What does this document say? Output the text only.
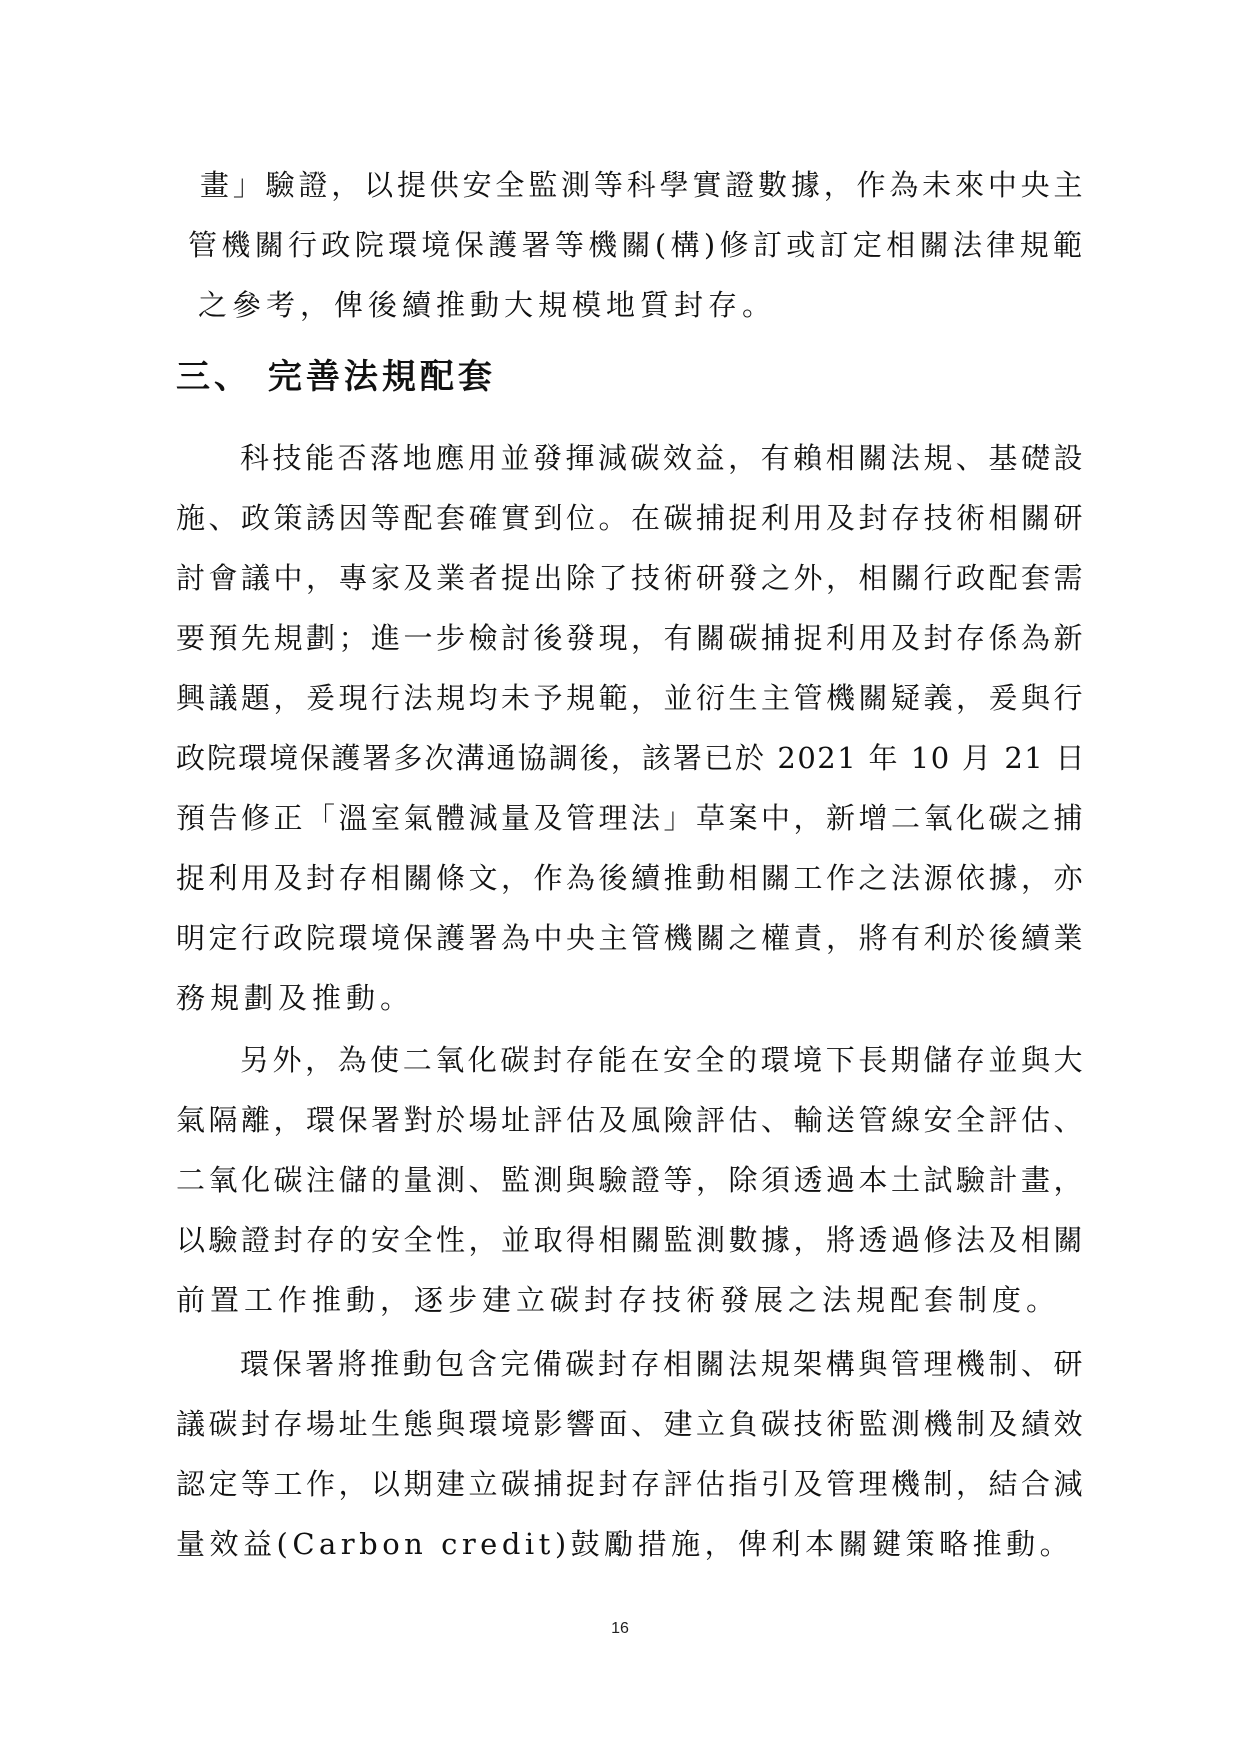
畫」驗證，以提供安全監測等科學實證數據，作為未來中央主
管機關行政院環境保護署等機關(構)修訂或訂定相關法律規範
之參考，俾後續推動大規模地質封存。
三、 完善法規配套
科技能否落地應用並發揮減碳效益，有賴相關法規、基礎設
施、政策誘因等配套確實到位。在碳捕捉利用及封存技術相關研
討會議中，專家及業者提出除了技術研發之外，相關行政配套需
要預先規劃；進一步檢討後發現，有關碳捕捉利用及封存係為新
興議題，爰現行法規均未予規範，並衍生主管機關疑義，爰與行
政院環境保護署多次溝通協調後，該署已於 2021 年 10 月 21 日
預告修正「溫室氣體減量及管理法」草案中，新增二氧化碳之捕
捉利用及封存相關條文，作為後續推動相關工作之法源依據，亦
明定行政院環境保護署為中央主管機關之權責，將有利於後續業
務規劃及推動。
另外，為使二氧化碳封存能在安全的環境下長期儲存並與大
氣隔離，環保署對於場址評估及風險評估、輸送管線安全評估、
二氧化碳注儲的量測、監測與驗證等，除須透過本土試驗計畫，
以驗證封存的安全性，並取得相關監測數據，將透過修法及相關
前置工作推動，逐步建立碳封存技術發展之法規配套制度。
環保署將推動包含完備碳封存相關法規架構與管理機制、研
議碳封存場址生態與環境影響面、建立負碳技術監測機制及績效
認定等工作，以期建立碳捕捉封存評估指引及管理機制，結合減
量效益(Carbon credit)鼓勵措施，俾利本關鍵策略推動。
16
